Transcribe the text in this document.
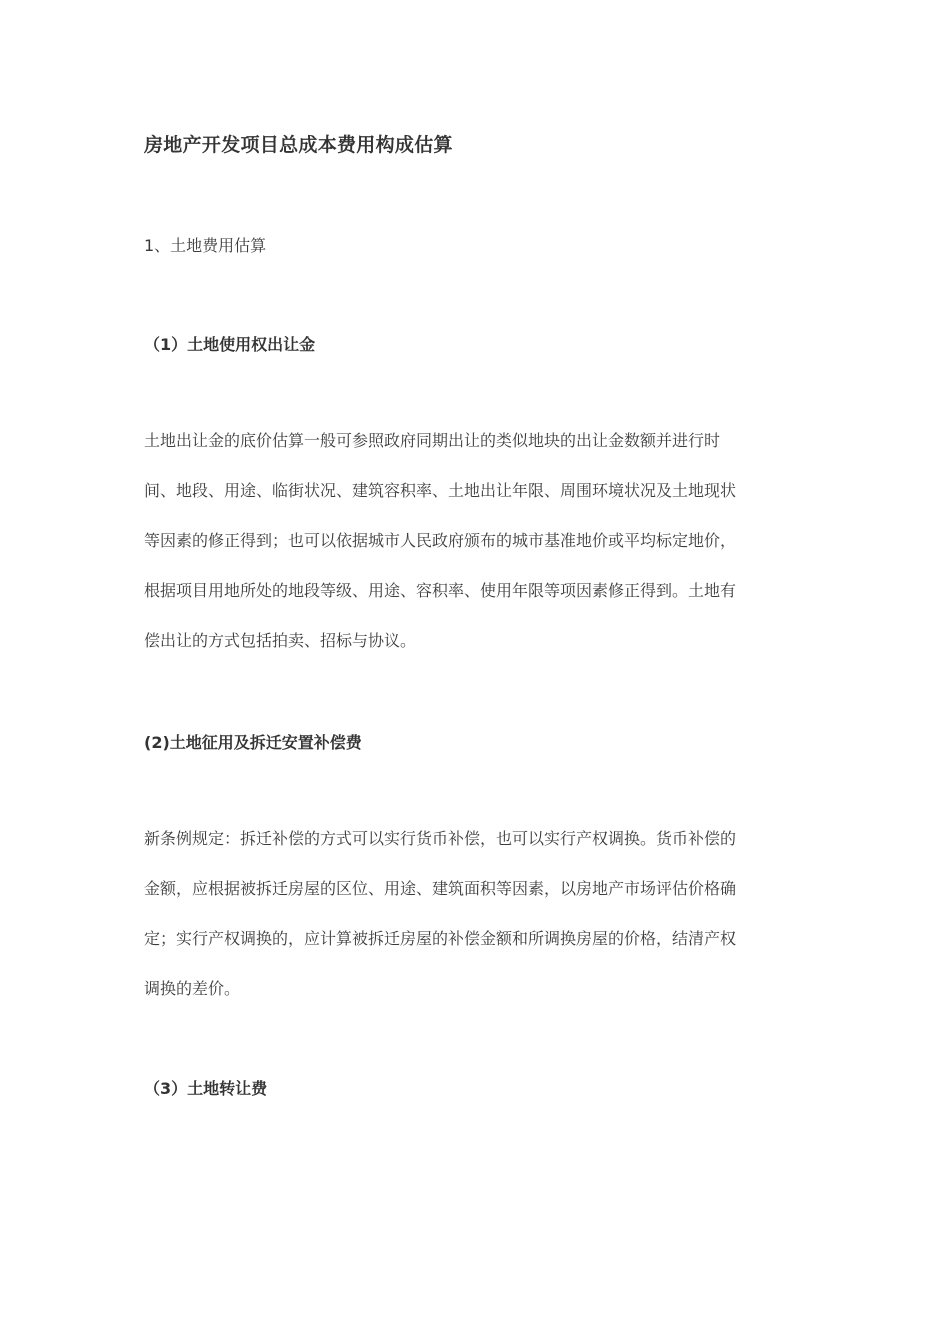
房地产开发项目总成本费用构成估算
1、土地费用估算
（1）土地使用权出让金
土地出让金的底价估算一般可参照政府同期出让的类似地块的出让金数额并进行时
间、地段、用途、临街状况、建筑容积率、土地出让年限、周围环境状况及土地现状
等因素的修正得到；也可以依据城市人民政府颁布的城市基准地价或平均标定地价，
根据项目用地所处的地段等级、用途、容积率、使用年限等项因素修正得到。土地有
偿出让的方式包括拍卖、招标与协议。
(2)土地征用及拆迁安置补偿费
新条例规定：拆迁补偿的方式可以实行货币补偿，也可以实行产权调换。货币补偿的
金额，应根据被拆迁房屋的区位、用途、建筑面积等因素，以房地产市场评估价格确
定；实行产权调换的，应计算被拆迁房屋的补偿金额和所调换房屋的价格，结清产权
调换的差价。
（3）土地转让费
